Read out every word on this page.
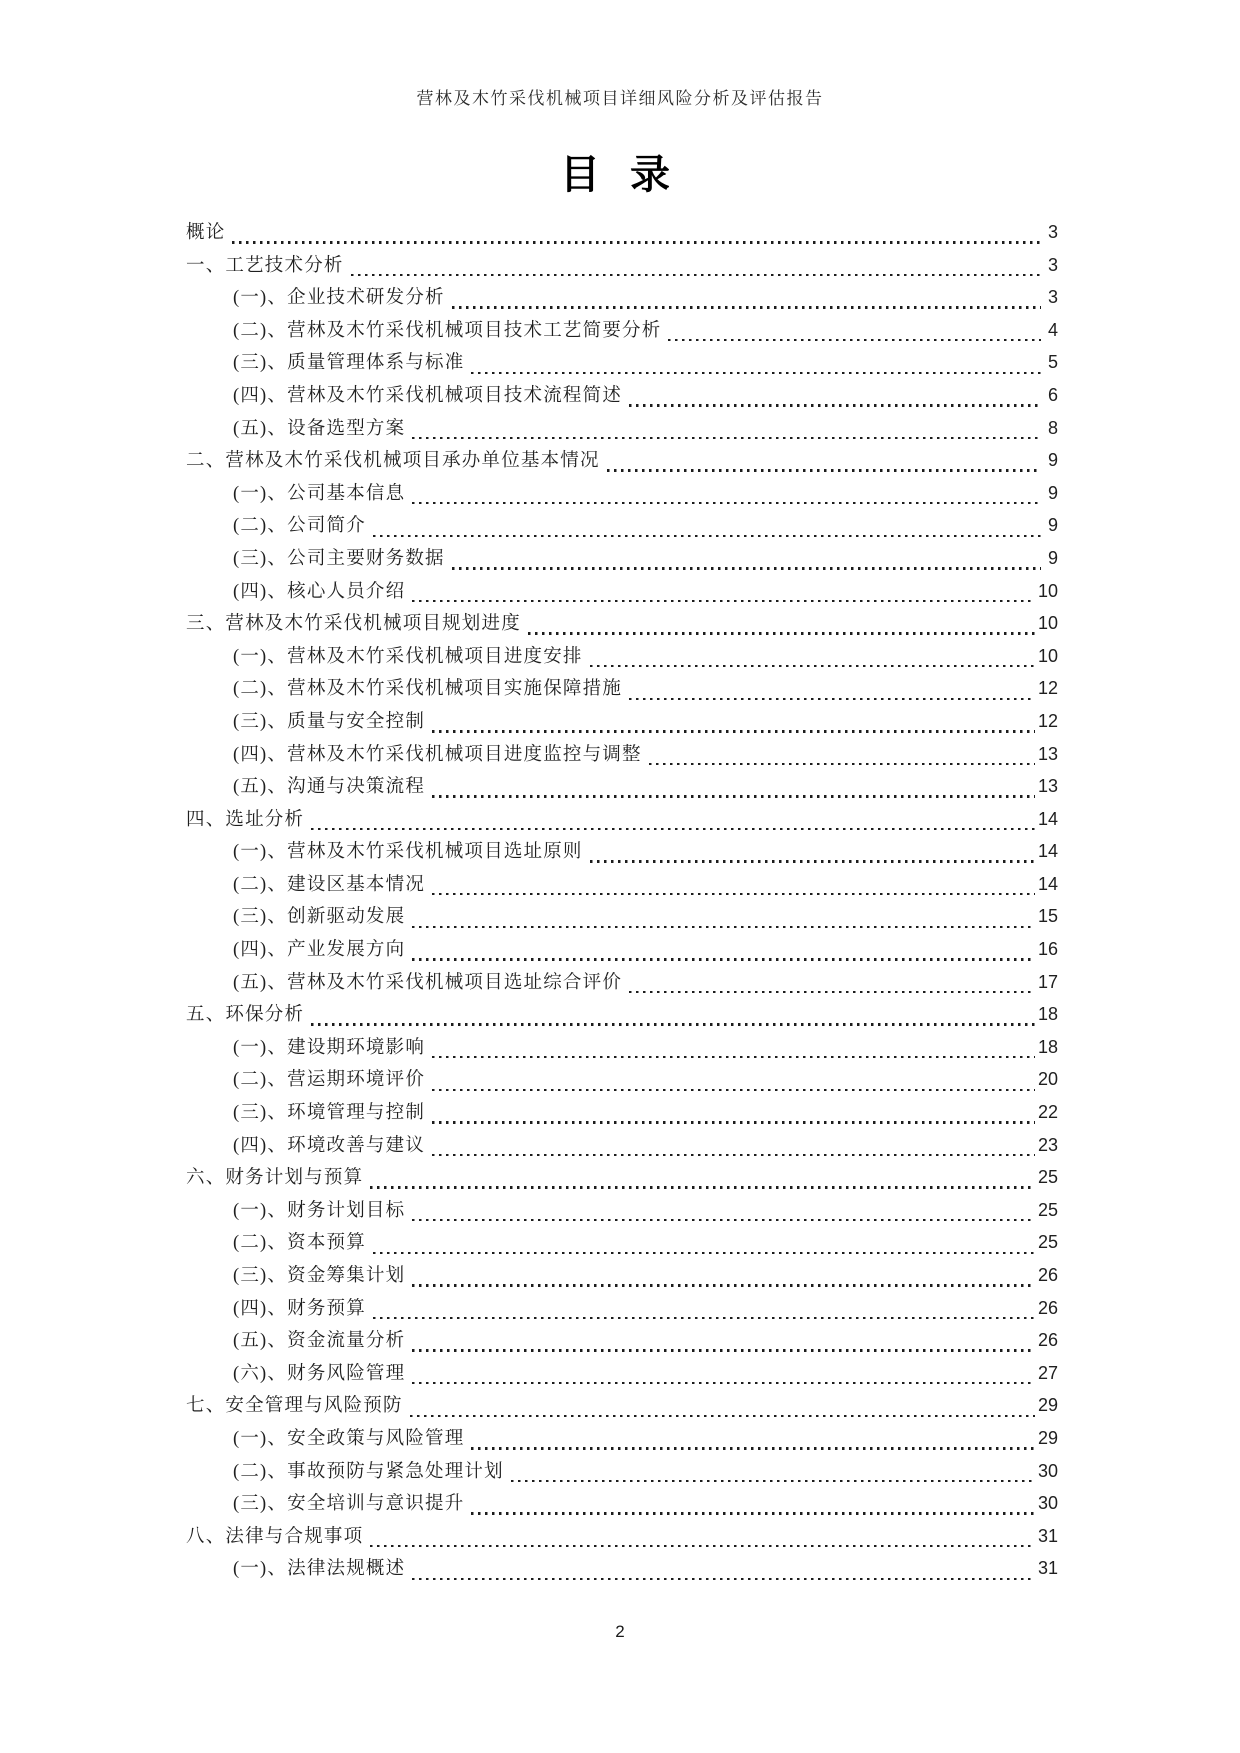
营林及木竹采伐机械项目详细风险分析及评估报告
目 录
概论	3
一、工艺技术分析	3
(一)、企业技术研发分析	3
(二)、营林及木竹采伐机械项目技术工艺简要分析	4
(三)、质量管理体系与标准	5
(四)、营林及木竹采伐机械项目技术流程简述	6
(五)、设备选型方案	8
二、营林及木竹采伐机械项目承办单位基本情况	9
(一)、公司基本信息	9
(二)、公司简介	9
(三)、公司主要财务数据	9
(四)、核心人员介绍	10
三、营林及木竹采伐机械项目规划进度	10
(一)、营林及木竹采伐机械项目进度安排	10
(二)、营林及木竹采伐机械项目实施保障措施	12
(三)、质量与安全控制	12
(四)、营林及木竹采伐机械项目进度监控与调整	13
(五)、沟通与决策流程	13
四、选址分析	14
(一)、营林及木竹采伐机械项目选址原则	14
(二)、建设区基本情况	14
(三)、创新驱动发展	15
(四)、产业发展方向	16
(五)、营林及木竹采伐机械项目选址综合评价	17
五、环保分析	18
(一)、建设期环境影响	18
(二)、营运期环境评价	20
(三)、环境管理与控制	22
(四)、环境改善与建议	23
六、财务计划与预算	25
(一)、财务计划目标	25
(二)、资本预算	25
(三)、资金筹集计划	26
(四)、财务预算	26
(五)、资金流量分析	26
(六)、财务风险管理	27
七、安全管理与风险预防	29
(一)、安全政策与风险管理	29
(二)、事故预防与紧急处理计划	30
(三)、安全培训与意识提升	30
八、法律与合规事项	31
(一)、法律法规概述	31
2
